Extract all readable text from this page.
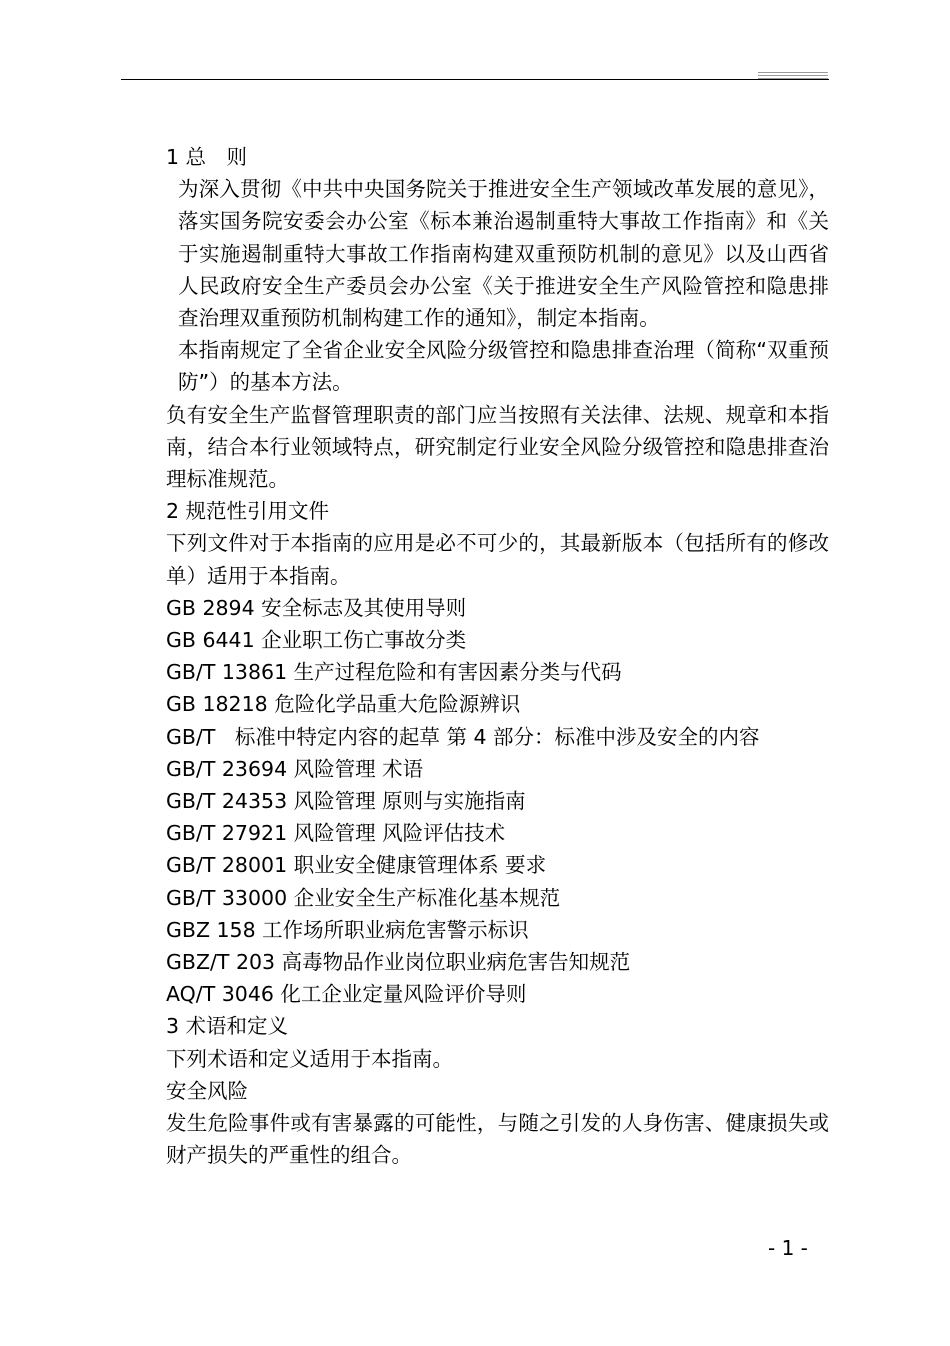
1 总　则

为深入贯彻《中共中央国务院关于推进安全生产领域改革发展的意见》，落实国务院安委会办公室《标本兼治遏制重特大事故工作指南》和《关于实施遏制重特大事故工作指南构建双重预防机制的意见》以及山西省人民政府安全生产委员会办公室《关于推进安全生产风险管控和隐患排查治理双重预防机制构建工作的通知》，制定本指南。

本指南规定了全省企业安全风险分级管控和隐患排查治理（简称“双重预防”）的基本方法。

负有安全生产监督管理职责的部门应当按照有关法律、法规、规章和本指南，结合本行业领域特点，研究制定行业安全风险分级管控和隐患排查治理标准规范。

2 规范性引用文件

下列文件对于本指南的应用是必不可少的，其最新版本（包括所有的修改单）适用于本指南。

GB 2894 安全标志及其使用导则

GB 6441 企业职工伤亡事故分类

GB/T 13861 生产过程危险和有害因素分类与代码

GB 18218 危险化学品重大危险源辨识

GB/T   标准中特定内容的起草 第 4 部分：标准中涉及安全的内容

GB/T 23694 风险管理 术语

GB/T 24353 风险管理 原则与实施指南

GB/T 27921 风险管理 风险评估技术

GB/T 28001 职业安全健康管理体系 要求

GB/T 33000 企业安全生产标准化基本规范

GBZ 158 工作场所职业病危害警示标识

GBZ/T 203 高毒物品作业岗位职业病危害告知规范

AQ/T 3046 化工企业定量风险评价导则

3 术语和定义

下列术语和定义适用于本指南。

安全风险

发生危险事件或有害暴露的可能性，与随之引发的人身伤害、健康损失或财产损失的严重性的组合。

- 1 -
